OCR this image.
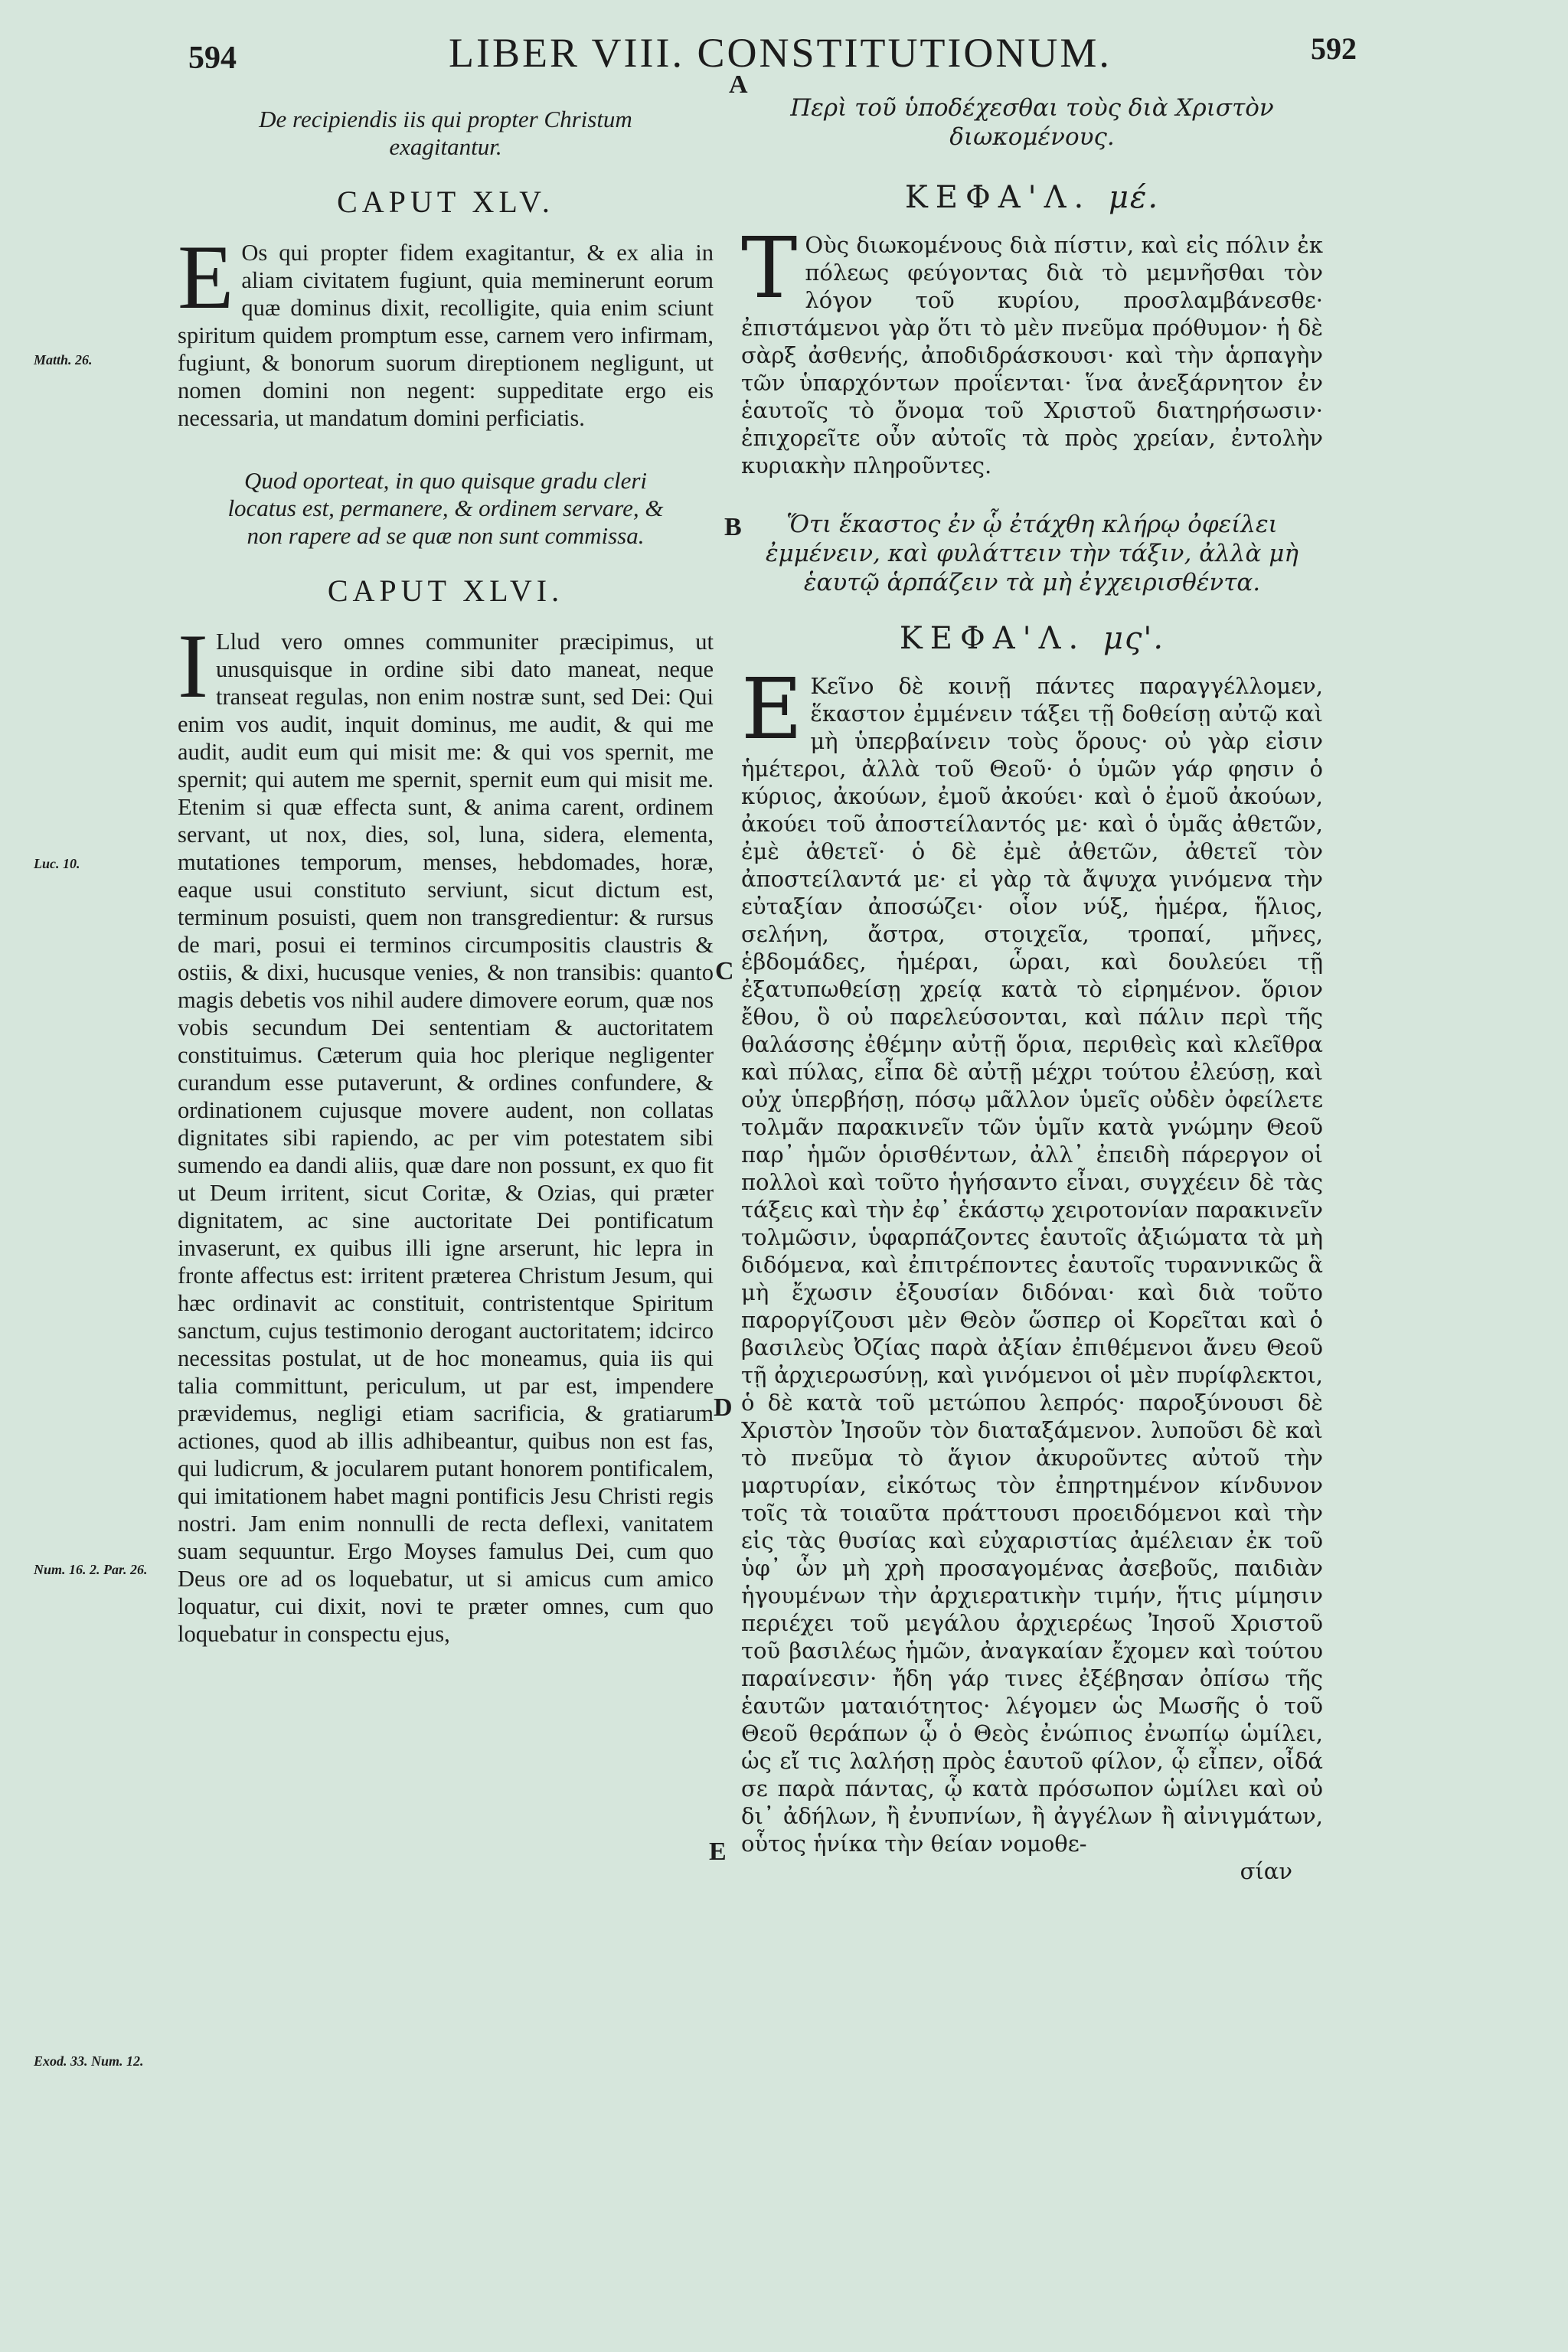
594	LIBER VIII. CONSTITUTIONUM.	592
A
B
C
D
E
Matth. 26.
Luc. 10.
Num. 16. 2. Par. 26.
Exod. 33. Num. 12.
De recipiendis iis qui propter Christum exagitantur.
CAPUT XLV.
E Os qui propter fidem exagitantur, & ex alia in aliam civitatem fugiunt, quia meminerunt eorum quæ dominus dixit, recolligite, quia enim sciunt spiritum quidem promptum esse, carnem vero infirmam, fugiunt, & bonorum suorum direptionem negligunt, ut nomen domini non negent: suppeditate ergo eis necessaria, ut mandatum domini perficiatis.

Quod oporteat, in quo quisque gradu cleri locatus est, permanere, & ordinem servare, & non rapere ad se quæ non sunt commissa.
CAPUT XLVI.
I Llud vero omnes communiter præcipimus, ut unusquisque in ordine sibi dato maneat, neque transeat regulas, non enim nostræ sunt, sed Dei: Qui enim vos audit, inquit dominus, me audit, & qui me audit, audit eum qui misit me: & qui vos spernit, me spernit; qui autem me spernit, spernit eum qui misit me. Etenim si quæ effecta sunt, & anima carent, ordinem servant, ut nox, dies, sol, luna, sidera, elementa, mutationes temporum, menses, hebdomades, horæ, eaque usui constituto serviunt, sicut dictum est, terminum posuisti, quem non transgredientur: & rursus de mari, posui ei terminos circumpositis claustris & ostiis, & dixi, hucusque venies, & non transibis: quanto magis debetis vos nihil audere dimovere eorum, quæ nos vobis secundum Dei sententiam & auctoritatem constituimus. Cæterum quia hoc plerique negligenter curandum esse putaverunt, & ordines confundere, & ordinationem cujusque movere audent, non collatas dignitates sibi rapiendo, ac per vim potestatem sibi sumendo ea dandi aliis, quæ dare non possunt, ex quo fit ut Deum irritent, sicut Coritæ, & Ozias, qui præter dignitatem, ac sine auctoritate Dei pontificatum invaserunt, ex quibus illi igne arserunt, hic lepra in fronte affectus est: irritent præterea Christum Jesum, qui hæc ordinavit ac constituit, contristentque Spiritum sanctum, cujus testimonio derogant auctoritatem; idcirco necessitas postulat, ut de hoc moneamus, quia iis qui talia committunt, periculum, ut par est, impendere prævidemus, negligi etiam sacrificia, & gratiarum actiones, quod ab illis adhibeantur, quibus non est fas, qui ludicrum, & jocularem putant honorem pontificalem, qui imitationem habet magni pontificis Jesu Christi regis nostri. Jam enim nonnulli de recta deflexi, vanitatem suam sequuntur. Ergo Moyses famulus Dei, cum quo Deus ore ad os loquebatur, ut si amicus cum amico loquatur, cui dixit, novi te præter omnes, cum quo loquebatur in conspectu ejus,

Περὶ τοῦ ὑποδέχεσθαι τοὺς διὰ Χριστὸν διωκομένους.
ΚΕΦΑ'Λ. μέ.
Τ Οὺς διωκομένους διὰ πίστιν, καὶ εἰς πόλιν ἐκ πόλεως φεύγοντας διὰ τὸ μεμνῆσθαι τὸν λόγον τοῦ κυρίου, προσλαμβάνεσθε· ἐπιστάμενοι γὰρ ὅτι τὸ μὲν πνεῦμα πρόθυμον· ἡ δὲ σὰρξ ἀσθενής, ἀποδιδράσκουσι· καὶ τὴν ἁρπαγὴν τῶν ὑπαρχόντων προΐενται· ἵνα ἀνεξάρνητον ἐν ἑαυτοῖς τὸ ὄνομα τοῦ Χριστοῦ διατηρήσωσιν· ἐπιχορεῖτε οὖν αὐτοῖς τὰ πρὸς χρείαν, ἐντολὴν κυριακὴν πληροῦντες.

Ὅτι ἕκαστος ἐν ᾧ ἐτάχθη κλήρῳ ὀφείλει ἐμμένειν, καὶ φυλάττειν τὴν τάξιν, ἀλλὰ μὴ ἑαυτῷ ἁρπάζειν τὰ μὴ ἐγχειρισθέντα.
ΚΕΦΑ'Λ. μς'.
Ε Κεῖνο δὲ κοινῇ πάντες παραγγέλλομεν, ἕκαστον ἐμμένειν τάξει τῇ δοθείσῃ αὐτῷ καὶ μὴ ὑπερβαίνειν τοὺς ὅρους· οὐ γὰρ εἰσιν ἡμέτεροι, ἀλλὰ τοῦ Θεοῦ· ὁ ὑμῶν γάρ φησιν ὁ κύριος, ἀκούων, ἐμοῦ ἀκούει· καὶ ὁ ἐμοῦ ἀκούων, ἀκούει τοῦ ἀποστείλαντός με· καὶ ὁ ὑμᾶς ἀθετῶν, ἐμὲ ἀθετεῖ· ὁ δὲ ἐμὲ ἀθετῶν, ἀθετεῖ τὸν ἀποστείλαντά με· εἰ γὰρ τὰ ἄψυχα γινόμενα τὴν εὐταξίαν ἀποσώζει· οἷον νύξ, ἡμέρα, ἥλιος, σελήνη, ἄστρα, στοιχεῖα, τροπαί, μῆνες, ἑβδομάδες, ἡμέραι, ὧραι, καὶ δουλεύει τῇ ἐξατυπωθείσῃ χρείᾳ κατὰ τὸ εἰρημένον. ὅριον ἔθου, ὃ οὐ παρελεύσονται, καὶ πάλιν περὶ τῆς θαλάσσης ἐθέμην αὐτῇ ὅρια, περιθεὶς καὶ κλεῖθρα καὶ πύλας, εἶπα δὲ αὐτῇ μέχρι τούτου ἐλεύσῃ, καὶ οὐχ ὑπερβήσῃ, πόσῳ μᾶλλον ὑμεῖς οὐδὲν ὀφείλετε τολμᾶν παρακινεῖν τῶν ὑμῖν κατὰ γνώμην Θεοῦ παρ᾽ ἡμῶν ὁρισθέντων, ἀλλ᾽ ἐπειδὴ πάρεργον οἱ πολλοὶ καὶ τοῦτο ἡγήσαντο εἶναι, συγχέειν δὲ τὰς τάξεις καὶ τὴν ἐφ᾽ ἑκάστῳ χειροτονίαν παρακινεῖν τολμῶσιν, ὑφαρπάζοντες ἑαυτοῖς ἀξιώματα τὰ μὴ διδόμενα, καὶ ἐπιτρέποντες ἑαυτοῖς τυραννικῶς ἃ μὴ ἔχωσιν ἐξουσίαν διδόναι· καὶ διὰ τοῦτο παροργίζουσι μὲν Θεὸν ὥσπερ οἱ Κορεῖται καὶ ὁ βασιλεὺς Ὀζίας παρὰ ἀξίαν ἐπιθέμενοι ἄνευ Θεοῦ τῇ ἀρχιερωσύνῃ, καὶ γινόμενοι οἱ μὲν πυρίφλεκτοι, ὁ δὲ κατὰ τοῦ μετώπου λεπρός· παροξύνουσι δὲ Χριστὸν Ἰησοῦν τὸν διαταξάμενον. λυποῦσι δὲ καὶ τὸ πνεῦμα τὸ ἅγιον ἀκυροῦντες αὐτοῦ τὴν μαρτυρίαν, εἰκότως τὸν ἐπηρτημένον κίνδυνον τοῖς τὰ τοιαῦτα πράττουσι προειδόμενοι καὶ τὴν εἰς τὰς θυσίας καὶ εὐχαριστίας ἀμέλειαν ἐκ τοῦ ὑφ᾽ ὧν μὴ χρὴ προσαγομένας ἀσεβοῦς, παιδιὰν ἡγουμένων τὴν ἀρχιερατικὴν τιμήν, ἥτις μίμησιν περιέχει τοῦ μεγάλου ἀρχιερέως Ἰησοῦ Χριστοῦ τοῦ βασιλέως ἡμῶν, ἀναγκαίαν ἔχομεν καὶ τούτου παραίνεσιν· ἤδη γάρ τινες ἐξέβησαν ὀπίσω τῆς ἑαυτῶν ματαιότητος· λέγομεν ὡς Μωσῆς ὁ τοῦ Θεοῦ θεράπων ᾧ ὁ Θεὸς ἐνώπιος ἐνωπίῳ ὡμίλει, ὡς εἴ τις λαλήσῃ πρὸς ἑαυτοῦ φίλον, ᾧ εἶπεν, οἶδά σε παρὰ πάντας, ᾧ κατὰ πρόσωπον ὡμίλει καὶ οὐ δι᾽ ἀδήλων, ἢ ἐνυπνίων, ἢ ἀγγέλων ἢ αἰνιγμάτων, οὗτος ἡνίκα τὴν θείαν νομοθε-

σίαν
